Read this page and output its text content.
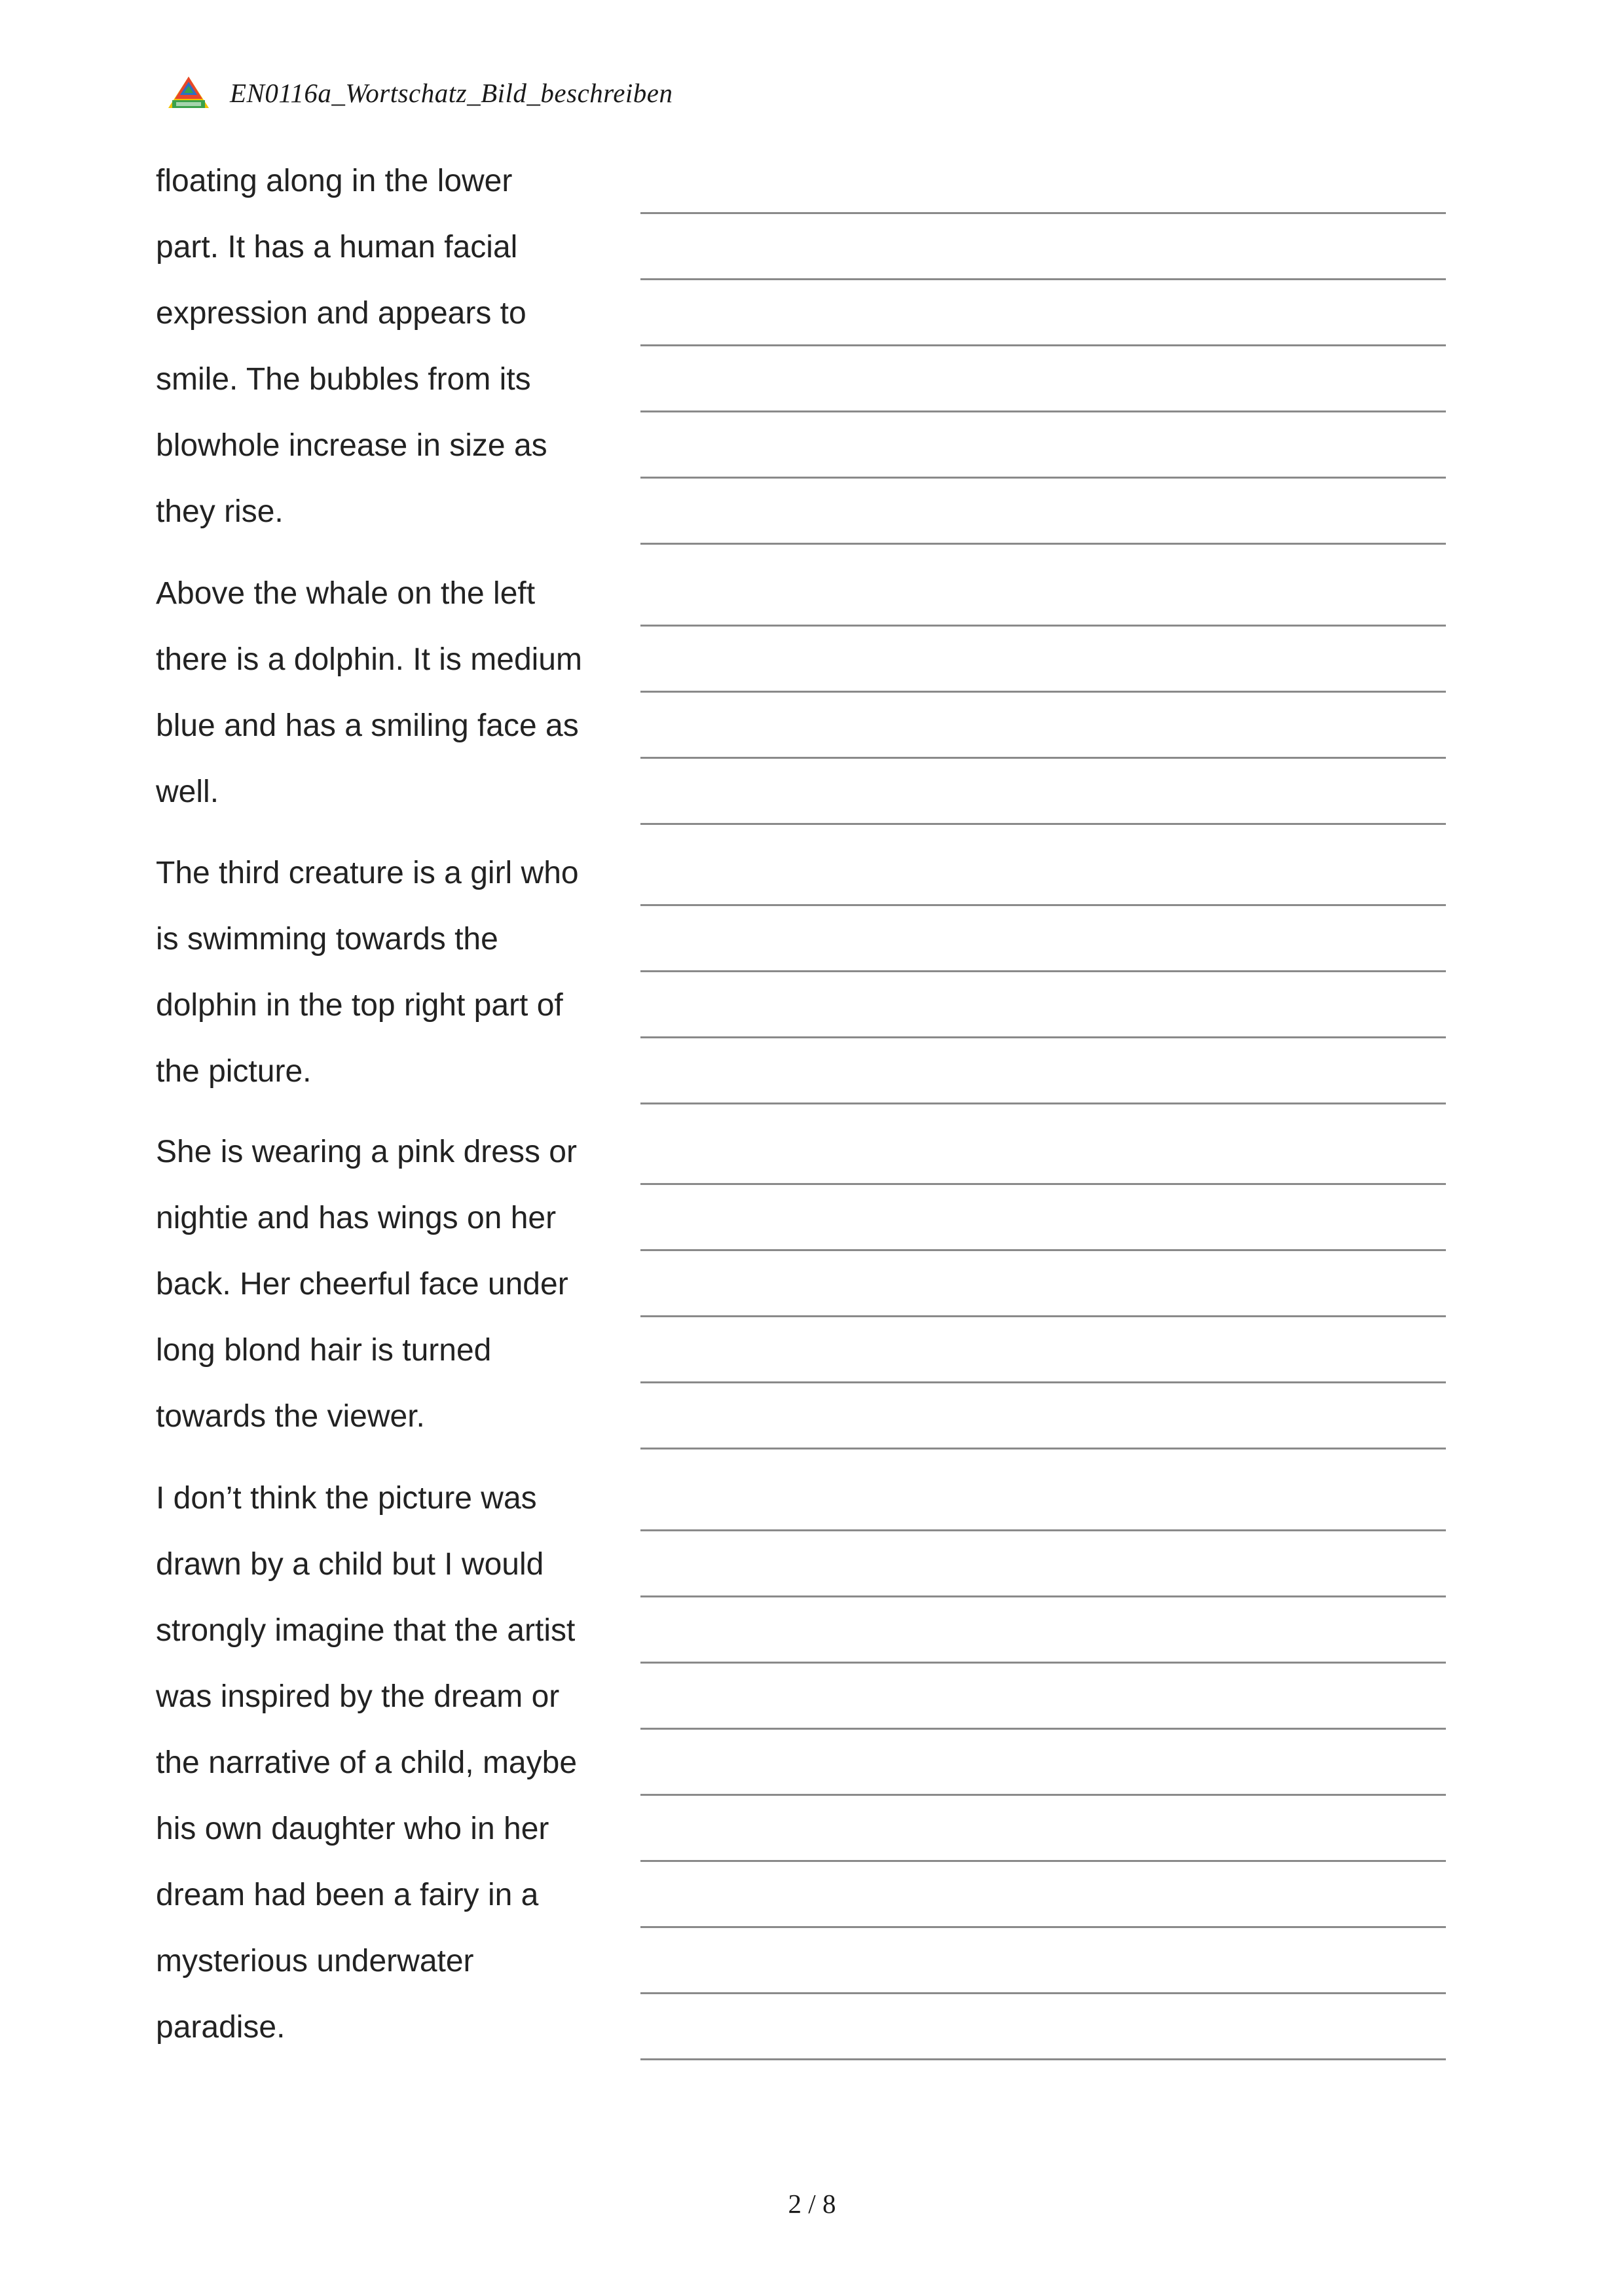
EN0116a_Wortschatz_Bild_beschreiben
floating along in the lower
part. It has a human facial
expression and appears to
smile. The bubbles from its
blowhole increase in size as
they rise.
Above the whale on the left
there is a dolphin. It is medium
blue and has a smiling face as
well.
The third creature is a girl who
is swimming towards the
dolphin in the top right part of
the picture.
She is wearing a pink dress or
nightie and has wings on her
back. Her cheerful face under
long blond hair is turned
towards the viewer.
I don’t think the picture was
drawn by a child but I would
strongly imagine that the artist
was inspired by the dream or
the narrative of a child, maybe
his own daughter who in her
dream had been a fairy in a
mysterious underwater
paradise.
2 / 8
